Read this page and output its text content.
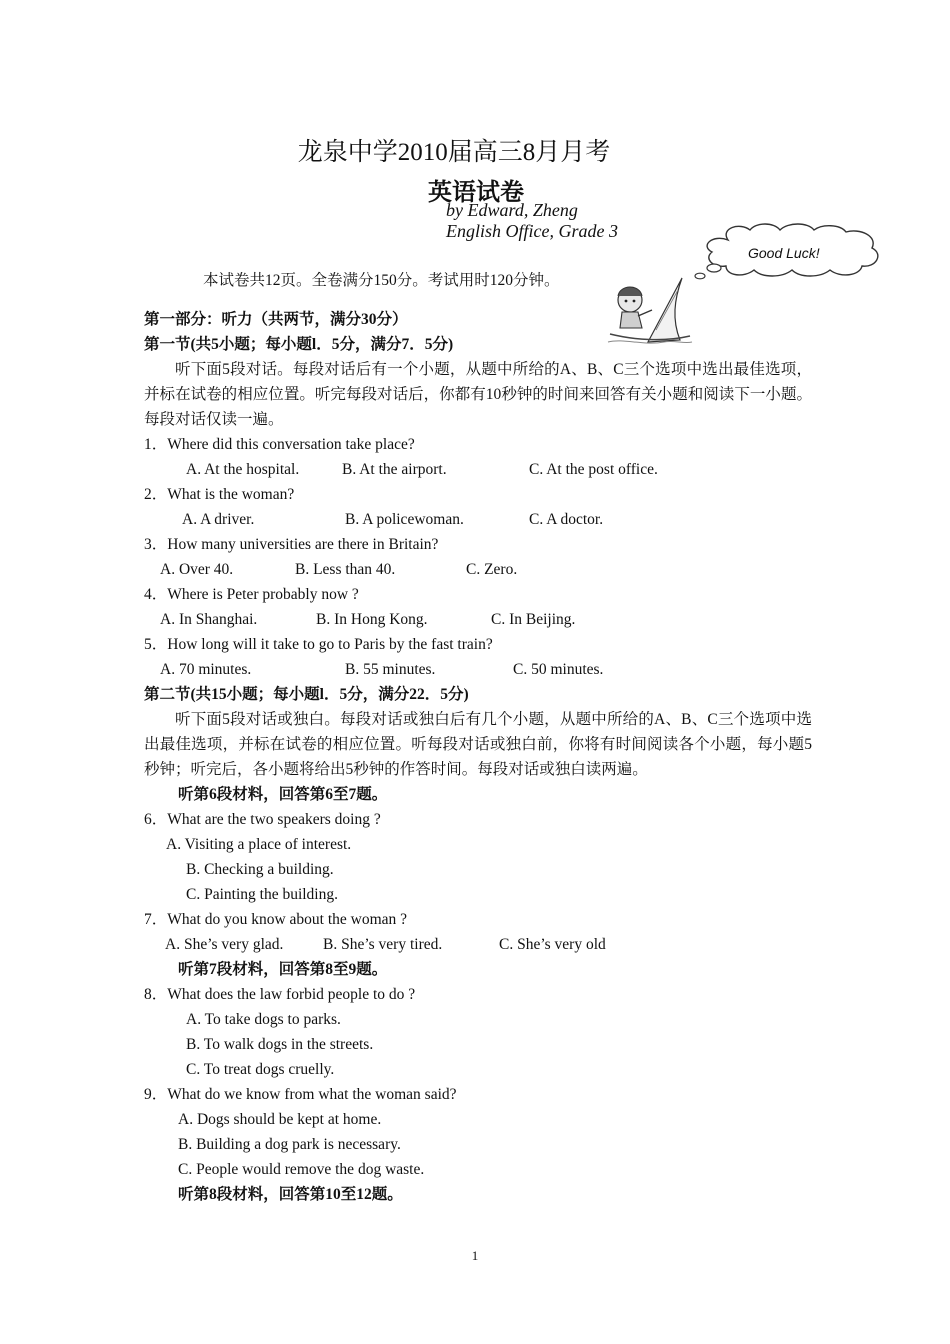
龙泉中学2010届高三8月月考
英语试卷
by Edward, Zheng
English Office, Grade 3
Good Luck!
本试卷共12页。全卷满分150分。考试用时120分钟。
第一部分：听力（共两节，满分30分）
第一节(共5小题；每小题l．5分，满分7．5分)
听下面5段对话。每段对话后有一个小题，从题中所给的A、B、C三个选项中选出最佳选项，并标在试卷的相应位置。听完每段对话后，你都有10秒钟的时间来回答有关小题和阅读下一小题。每段对话仅读一遍。
1．Where did this conversation take place?
A. At the hospital.	B. At the airport.	C. At the post office.
2．What is the woman?
A. A driver.	B. A policewoman.	C. A doctor.
3．How many universities are there in Britain?
A. Over 40.	B. Less than 40.	C. Zero.
4．Where is Peter probably now ?
A. In Shanghai.	B. In Hong Kong.	C. In Beijing.
5．How long will it take to go to Paris by the fast train?
A. 70 minutes.	B. 55 minutes.	C. 50 minutes.
第二节(共15小题；每小题l．5分，满分22．5分)
听下面5段对话或独白。每段对话或独白后有几个小题，从题中所给的A、B、C三个选项中选出最佳选项，并标在试卷的相应位置。听每段对话或独白前，你将有时间阅读各个小题，每小题5秒钟；听完后，各小题将给出5秒钟的作答时间。每段对话或独白读两遍。
听第6段材料，回答第6至7题。
6．What are the two speakers doing ?
A. Visiting a place of interest.
B. Checking a building.
C. Painting the building.
7．What do you know about the woman ?
A. She’s very glad.	B. She’s very tired.	C. She’s very old
听第7段材料，回答第8至9题。
8．What does the law forbid people to do ?
A. To take dogs to parks.
B. To walk dogs in the streets.
C. To treat dogs cruelly.
9．What do we know from what the woman said?
A. Dogs should be kept at home.
B. Building a dog park is necessary.
C. People would remove the dog waste.
听第8段材料，回答第10至12题。
1
